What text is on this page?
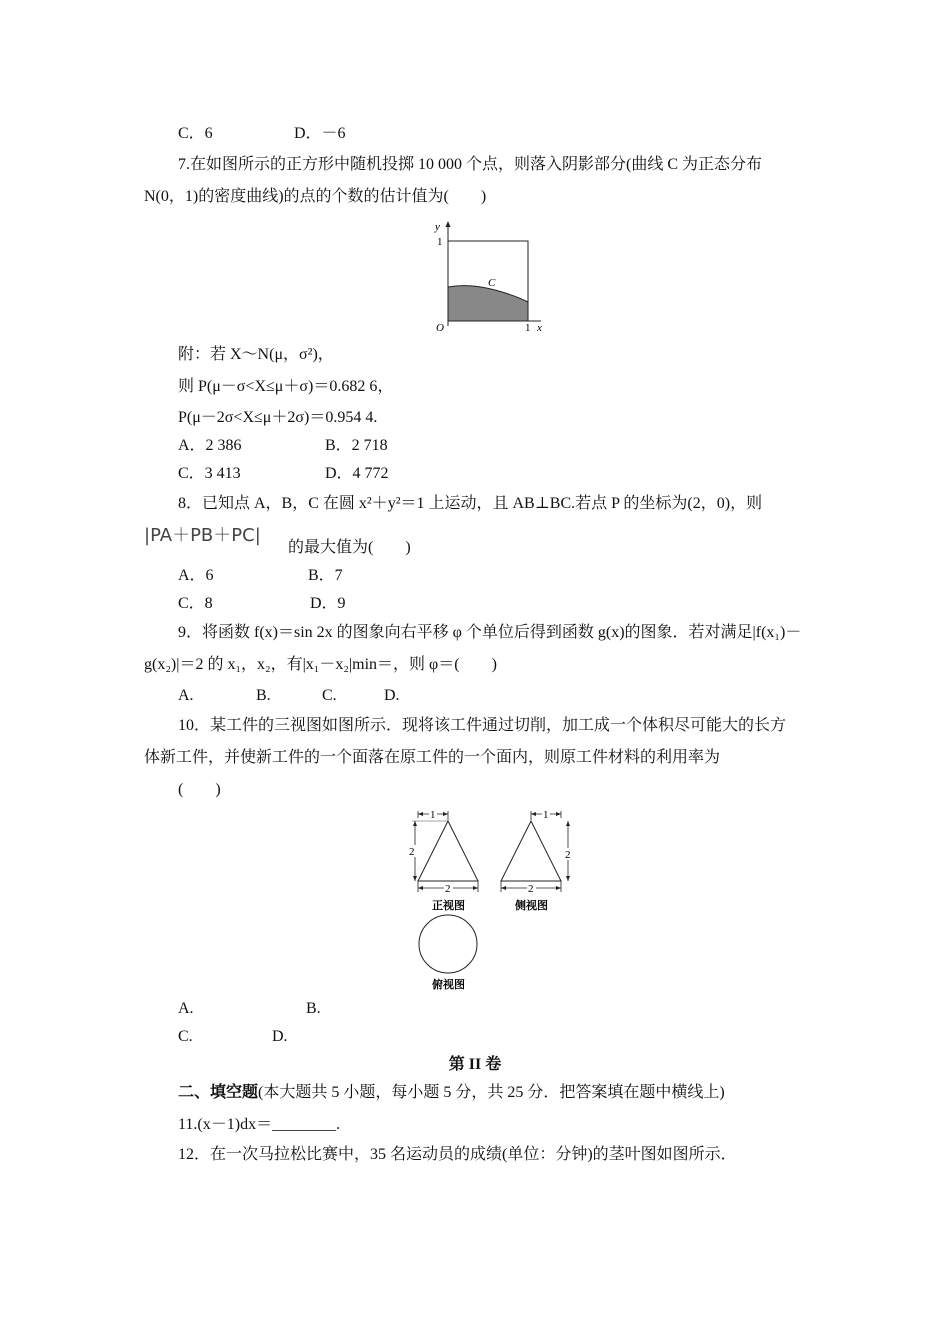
C．6	D．－6
7.在如图所示的正方形中随机投掷 10 000 个点，则落入阴影部分(曲线 C 为正态分布
N(0，1)的密度曲线)的点的个数的估计值为(　　)
y
1
O	1 x
C
附：若 X～N(μ，σ²)，
则 P(μ－σ<X≤μ＋σ)＝0.682 6，
P(μ－2σ<X≤μ＋2σ)＝0.954 4.
A．2 386	B．2 718
C．3 413	D．4 772
8．已知点 A，B，C 在圆 x²＋y²＝1 上运动，且 AB⊥BC.若点 P 的坐标为(2，0)，则
|PA＋PB＋PC|
的最大值为(　　)
A．6	B．7
C．8	D．9
9．将函数 f(x)＝sin 2x 的图象向右平移 φ 个单位后得到函数 g(x)的图象．若对满足|f(x₁)－
g(x₂)|＝2 的 x₁，x₂，有|x₁－x₂|min＝，则 φ＝(　　)
A.	B.	C.	D.
10．某工件的三视图如图所示．现将该工件通过切削，加工成一个体积尽可能大的长方
体新工件，并使新工件的一个面落在原工件的一个面内，则原工件材料的利用率为
(　　)
1
2
2
正视图
1
2
2
侧视图
俯视图
A.	B.
C.	D.
第 II 卷
二、填空题(本大题共 5 小题，每小题 5 分，共 25 分．把答案填在题中横线上)
11.(x－1)dx＝________.
12．在一次马拉松比赛中，35 名运动员的成绩(单位：分钟)的茎叶图如图所示．
